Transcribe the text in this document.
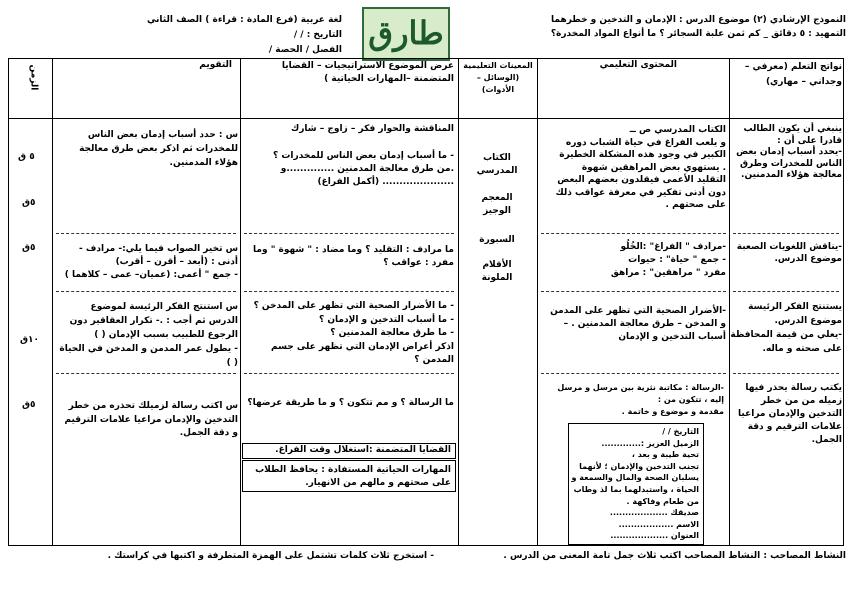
النموذج الإرشادي (٢) موضوع الدرس : الإدمان و التدخين و خطرهما
التمهيد : ٥ دقائق _ كم ثمن علبة السجائر ؟ ما أنواع المواد المخدرة؟
لغة عربية (فرع المادة : قراءة ) الصف الثاني
التاريخ : / /
الفصل / الحصة / طارق
نواتج التعلم (معرفي –وجداني – مهاري)
المحتوى التعليمي
المعينات التعليمية (الوسائل – الأدوات)
عرض الموضوع الاستراتيجيات – القضايا المتضمنة –المهارات الحياتية )
التقويم
الزمن
ينبغي أن يكون الطالب
قادرا على أن :
-يحدد أسباب إدمان بعض
الناس للمخدرات وطرق
معالجة هؤلاء المدمنين.
-يناقش اللغويات الصعبة
موضوع الدرس.
يستنتج الفكر الرئيسة
موضوع الدرس.
-يعلي من قيمة المحافظة
على صحته و ماله.
يكتب رسالة يحذر فيها
زميله من من خطر
التدخين والإدمان مراعيا
علامات الترقيم و دقة
الجمل.
الكتاب المدرسي ص ــ
و يلعب الفراغ في حياة الشباب دوره
الكبير في وجود هذه المشكلة الخطيرة
. يستهوي بعض المراهقين شهوة
التقليد الأعمى فيقلدون بعضهم البعض
دون أدنى تفكير في معرفة عواقب ذلك
على صحتهم .
-مرادف " الفراغ" :الخُلُو
- جمع " حياة" : حيوات
مفرد " مراهقين" : مراهق
-الأضرار الصحية التي تظهر على المدمن
و المدخن – طرق معالجة المدمنين . –
أسباب التدخين و الإدمان
-الرسالة : مكاتبة نثرية بين مرسل و مرسل
إليه ، تتكون من :
مقدمة و موضوع و خاتمة .
التاريخ / /
الزميل العزيز :.............
تحية طيبة و بعد ،
تجنب التدخين والإدمان ؛ لأنهما
يسلبان الصحة والمال والسمعة و
الحياة ، واستبدلهما بما لذ وطاب
من طعام وفاكهة .
صديقك ...................
الاسم ..................
العنوان ...................
الكتاب
المدرسي
المعجم
الوجيز
السبورة
الأقلام
الملونة
المناقشة والحوار فكر – زاوج – شارك
- ما أسباب إدمان بعض الناس للمخدرات ؟
.من طرق معالجة المدمنين ..............و
..................... (أكمل الفراغ)
ما مرادف : التقليد ؟ وما مضاد : " شهوة " وما
مفرد : عواقب ؟
- ما الأضرار الصحية التي تظهر على المدخن ؟
- ما أسباب التدخين و الإدمان ؟
- ما طرق معالجة المدمنين ؟
اذكر أعراض الإدمان التي تظهر على جسم
المدمن ؟
ما الرسالة ؟ و مم تتكون ؟ و ما طريقة عرضها؟
القضايا المتضمنة :استغلال وقت الفراغ.
المهارات الحياتية المستفادة : يحافظ الطلاب
على صحتهم و مالهم من الانهيار.
س : حدد أسباب إدمان بعض الناس
للمخدرات ثم اذكر بعض طرق معالجة
هؤلاء المدمنين.
س تخير الصواب فيما يلي:- مرادف -
أدنى : (أبعد – أقرن – أقرب)
- جمع " أعمى: (عميان– عمى – كلاهما )
س استنتج الفكر الرئيسة لموضوع
الدرس ثم أجب : .- تكرار العقاقير دون
الرجوع للطبيب بسبب الإدمان ( )
- يطول عمر المدمن و المدخن في الحياة
( )
س اكتب رسالة لزميلك تحذره من خطر
التدخين والإدمان مراعيا علامات الترقيم
و دقة الجمل.
٥ ق
٥ق
٥ق
١٠ق
٥ق
النشاط المصاحب : النشاط المصاحب اكتب ثلاث جمل تامة المعنى من الدرس .
- استخرج ثلاث كلمات تشتمل على الهمزة المتطرفة و اكتبها في كراستك .
